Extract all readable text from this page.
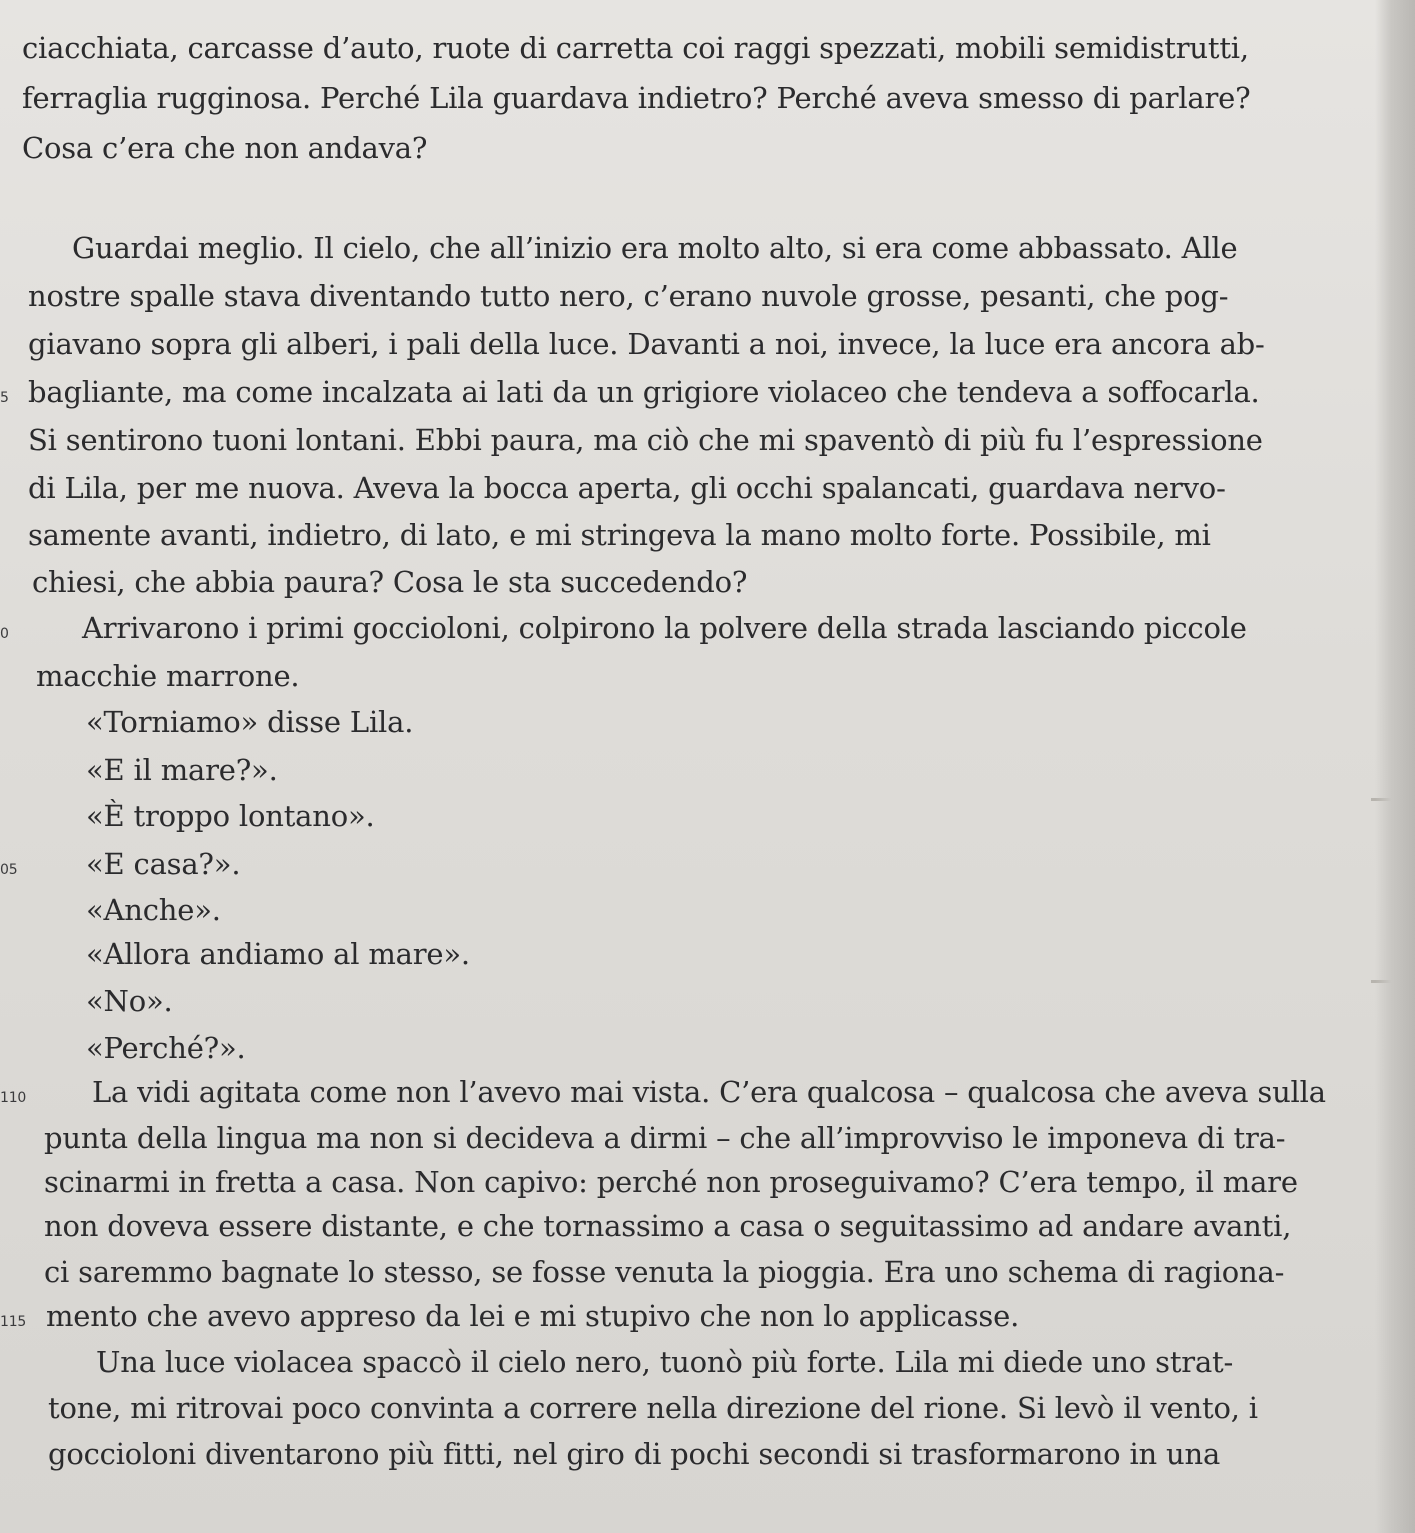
ciacchiata, carcasse d’auto, ruote di carretta coi raggi spezzati, mobili semidistrutti,
ferraglia rugginosa. Perché Lila guardava indietro? Perché aveva smesso di parlare?
Cosa c’era che non andava?
Guardai meglio. Il cielo, che all’inizio era molto alto, si era come abbassato. Alle
nostre spalle stava diventando tutto nero, c’erano nuvole grosse, pesanti, che pog-
giavano sopra gli alberi, i pali della luce. Davanti a noi, invece, la luce era ancora ab-
5 bagliante, ma come incalzata ai lati da un grigiore violaceo che tendeva a soffocarla.
Si sentirono tuoni lontani. Ebbi paura, ma ciò che mi spaventò di più fu l’espressione
di Lila, per me nuova. Aveva la bocca aperta, gli occhi spalancati, guardava nervo-
samente avanti, indietro, di lato, e mi stringeva la mano molto forte. Possibile, mi
chiesi, che abbia paura? Cosa le sta succedendo?
0	Arrivarono i primi goccioloni, colpirono la polvere della strada lasciando piccole
macchie marrone.
«Torniamo» disse Lila.
«E il mare?».
«È troppo lontano».
05 «E casa?».
«Anche».
«Allora andiamo al mare».
«No».
«Perché?».
110 La vidi agitata come non l’avevo mai vista. C’era qualcosa – qualcosa che aveva sulla
punta della lingua ma non si decideva a dirmi – che all’improvviso le imponeva di tra-
scinarmi in fretta a casa. Non capivo: perché non proseguivamo? C’era tempo, il mare
non doveva essere distante, e che tornassimo a casa o seguitassimo ad andare avanti,
ci saremmo bagnate lo stesso, se fosse venuta la pioggia. Era uno schema di ragiona-
115 mento che avevo appreso da lei e mi stupivo che non lo applicasse.
Una luce violacea spaccò il cielo nero, tuonò più forte. Lila mi diede uno strat-
tone, mi ritrovai poco convinta a correre nella direzione del rione. Si levò il vento, i
goccioloni diventarono più fitti, nel giro di pochi secondi si trasformarono in una
